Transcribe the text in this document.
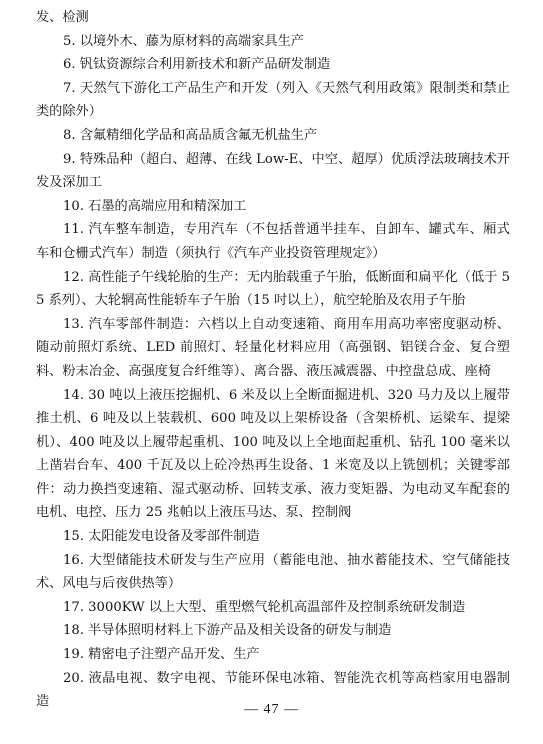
发、检测

5. 以境外木、藤为原材料的高端家具生产

6. 钒钛资源综合利用新技术和新产品研发制造

7. 天然气下游化工产品生产和开发（列入《天然气利用政策》限制类和禁止类的除外）

8. 含氟精细化学品和高品质含氟无机盐生产

9. 特殊品种（超白、超薄、在线 Low-E、中空、超厚）优质浮法玻璃技术开发及深加工

10. 石墨的高端应用和精深加工

11. 汽车整车制造，专用汽车（不包括普通半挂车、自卸车、罐式车、厢式车和仓栅式汽车）制造（须执行《汽车产业投资管理规定》）

12. 高性能子午线轮胎的生产：无内胎载重子午胎，低断面和扁平化（低于 55 系列）、大轮辋高性能轿车子午胎（15 吋以上），航空轮胎及农用子午胎

13. 汽车零部件制造：六档以上自动变速箱、商用车用高功率密度驱动桥、随动前照灯系统、LED 前照灯、轻量化材料应用（高强钢、铝镁合金、复合塑料、粉末冶金、高强度复合纤维等）、离合器、液压减震器、中控盘总成、座椅

14. 30 吨以上液压挖掘机、6 米及以上全断面掘进机、320 马力及以上履带推土机、6 吨及以上装载机、600 吨及以上架桥设备（含架桥机、运梁车、提梁机）、400 吨及以上履带起重机、100 吨及以上全地面起重机、钻孔 100 毫米以上凿岩台车、400 千瓦及以上砼冷热再生设备、1 米宽及以上铣刨机；关键零部件：动力换挡变速箱、湿式驱动桥、回转支承、液力变矩器、为电动叉车配套的电机、电控、压力 25 兆帕以上液压马达、泵、控制阀

15. 太阳能发电设备及零部件制造

16. 大型储能技术研发与生产应用（蓄能电池、抽水蓄能技术、空气储能技术、风电与后夜供热等）

17. 3000KW 以上大型、重型燃气轮机高温部件及控制系统研发制造

18. 半导体照明材料上下游产品及相关设备的研发与制造

19. 精密电子注塑产品开发、生产

20. 液晶电视、数字电视、节能环保电冰箱、智能洗衣机等高档家用电器制造

— 47 —
